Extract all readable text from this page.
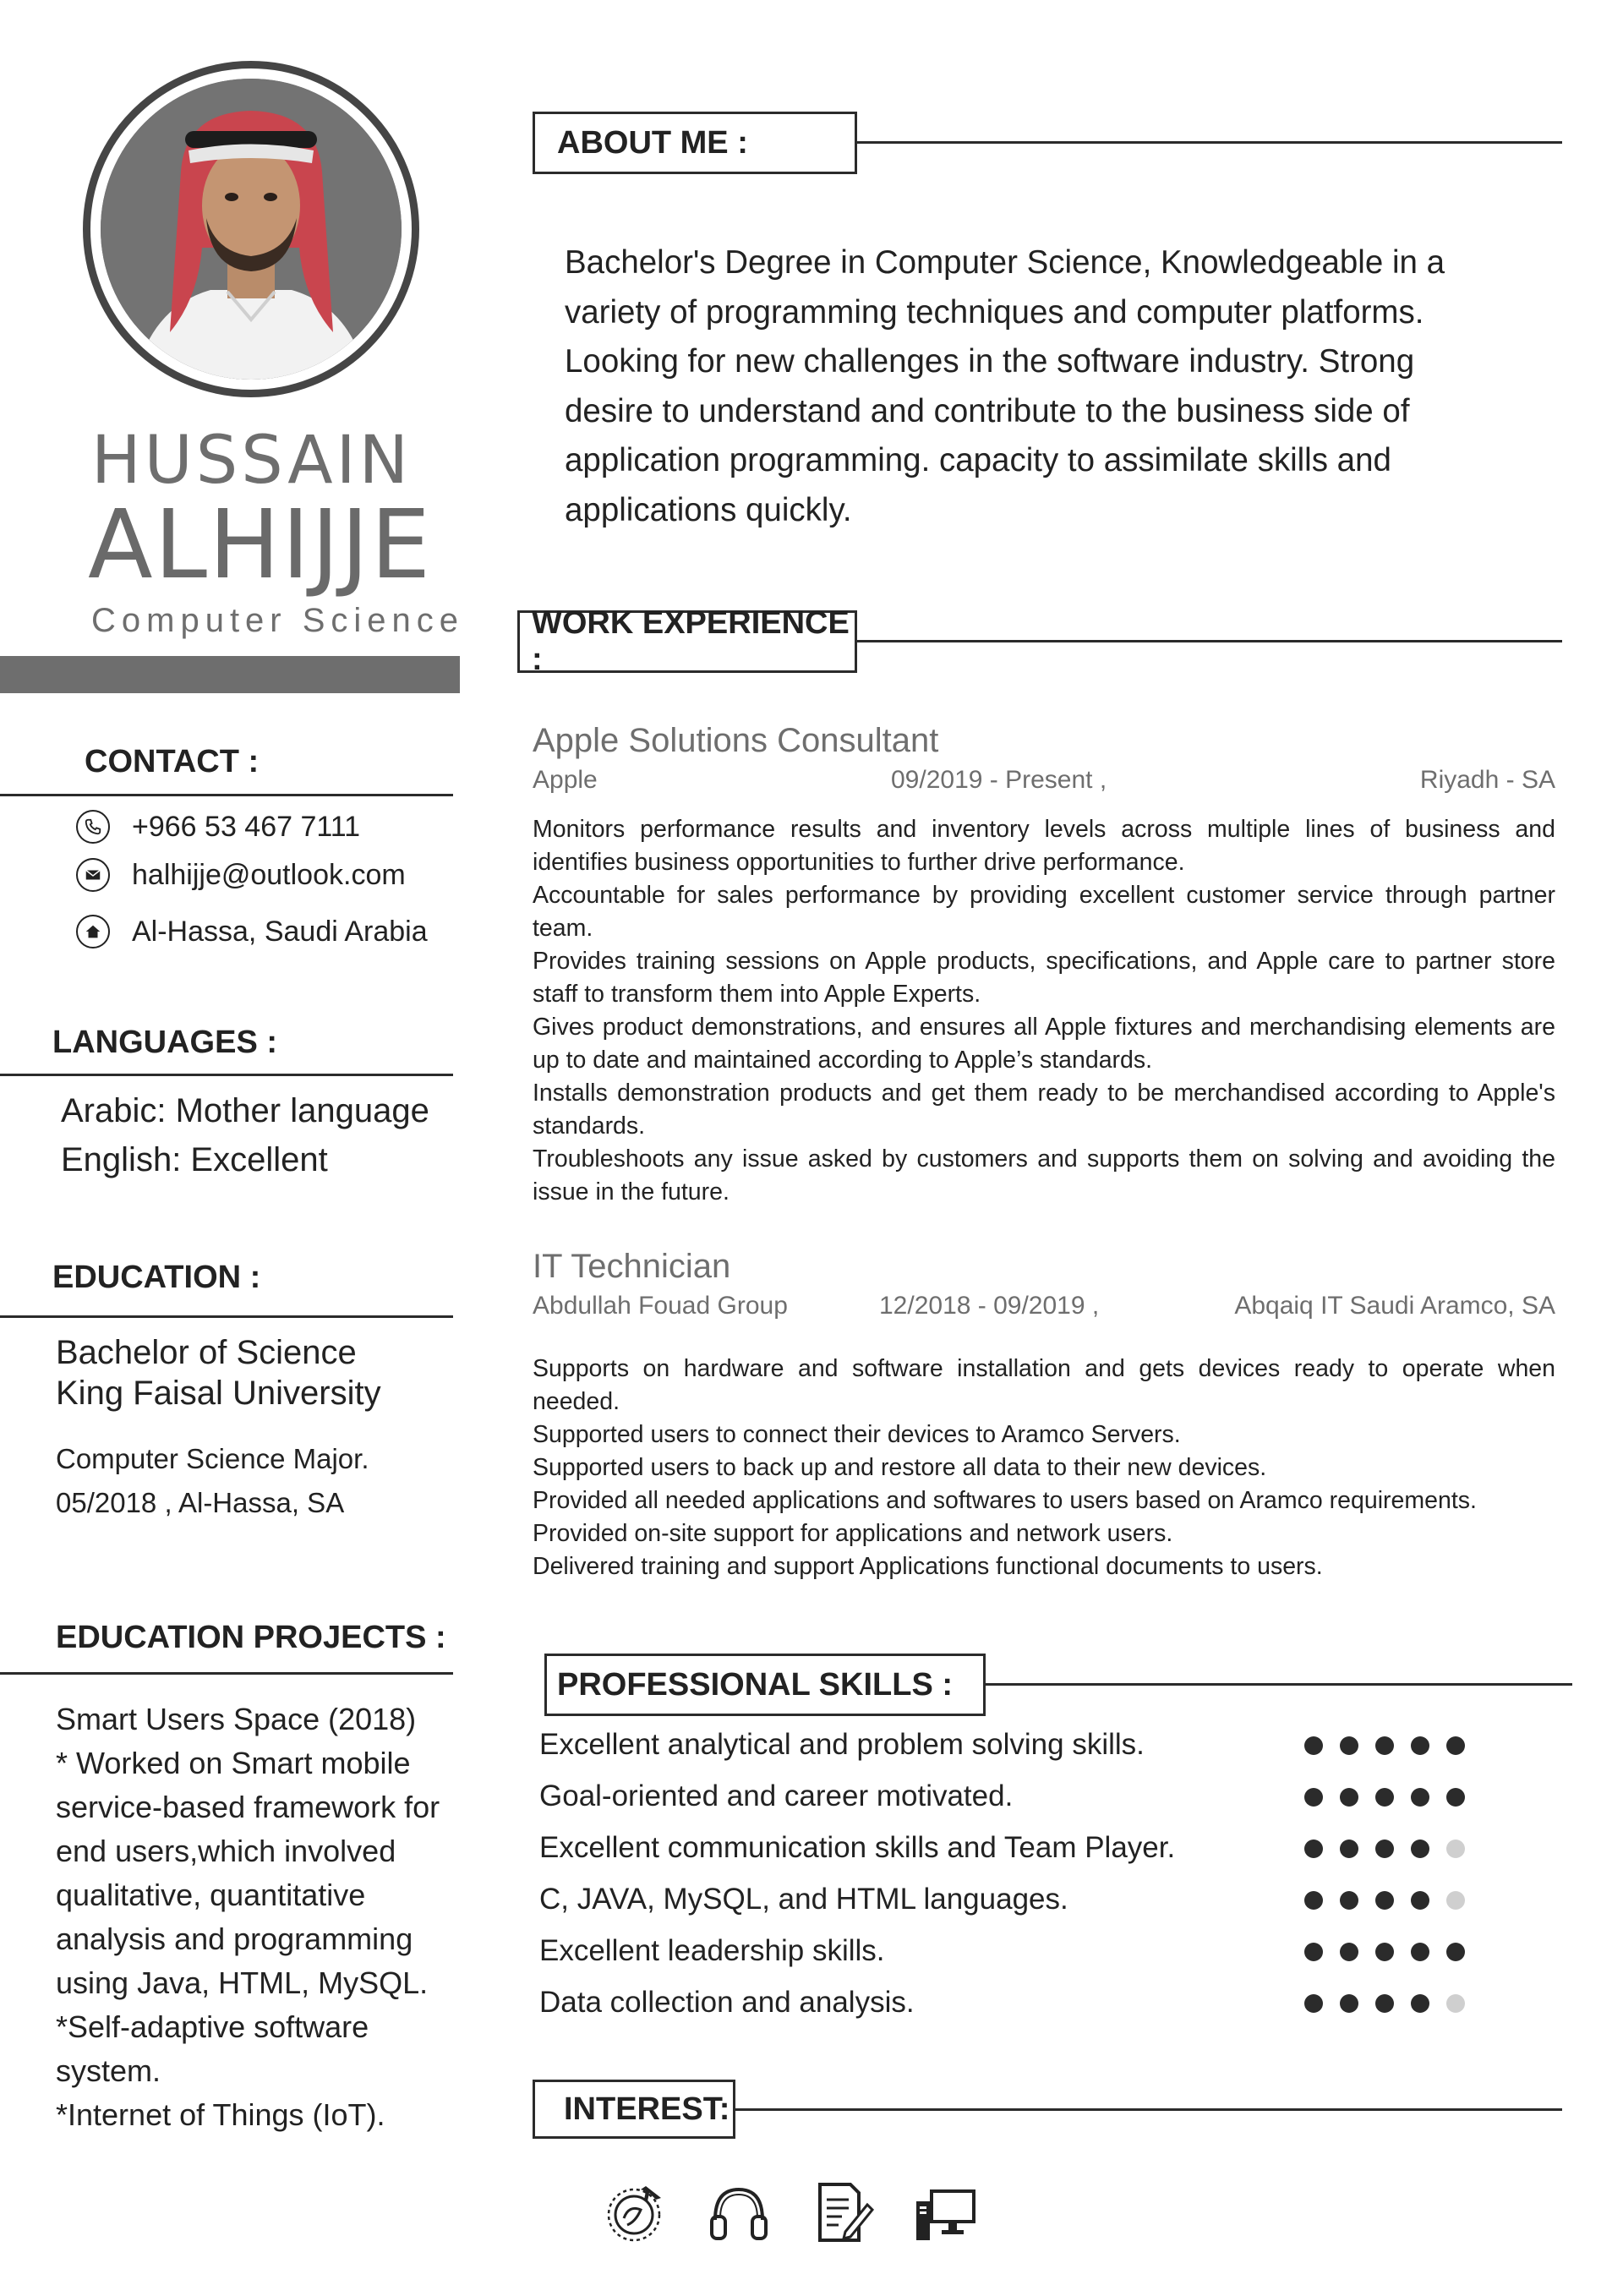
HUSSAIN
ALHIJJE
Computer Science
CONTACT :
+966 53 467 7111
halhijje@outlook.com
Al-Hassa, Saudi Arabia
LANGUAGES :
Arabic: Mother language
English: Excellent
EDUCATION :
Bachelor of Science
King Faisal University
Computer Science Major.
05/2018 , Al-Hassa, SA
EDUCATION PROJECTS :
Smart Users Space (2018)
* Worked on Smart mobile
service-based framework for
end users,which involved
qualitative, quantitative
analysis and programming
using Java, HTML, MySQL.
*Self-adaptive software
system.
*Internet of Things (IoT).
ABOUT ME :
Bachelor's Degree in Computer Science, Knowledgeable in a
variety of programming techniques and computer platforms.
Looking for new challenges in the software industry. Strong
desire to understand and contribute to the business side of
application programming. capacity to assimilate skills and
applications quickly.
WORK EXPERIENCE :
Apple Solutions Consultant
Apple	09/2019 - Present ,	Riyadh - SA

Monitors performance results and inventory levels across multiple lines of business and identifies business opportunities to further drive performance.

Accountable for sales performance by providing excellent customer service through partner team.

Provides training sessions on Apple products, specifications, and Apple care to partner store staff to transform them into Apple Experts.

Gives product demonstrations, and ensures all Apple fixtures and merchandising elements are up to date and maintained according to Apple’s standards.

Installs demonstration products and get them ready to be merchandised according to Apple's standards.

Troubleshoots any issue asked by customers and supports them on solving and avoiding the issue in the future.

IT Technician
Abdullah Fouad Group	12/2018 - 09/2019 ,	Abqaiq IT Saudi Aramco, SA

Supports on hardware and software installation and gets devices ready to operate when needed.

Supported users to connect their devices to Aramco Servers.

Supported users to back up and restore all data to their new devices.

Provided all needed applications and softwares to users based on Aramco requirements.

Provided on-site support for applications and network users.

Delivered training and support Applications functional documents to users.

PROFESSIONAL SKILLS :
Excellent analytical and problem solving skills.
Goal-oriented and career motivated.
Excellent communication skills and Team Player.
C, JAVA, MySQL, and HTML languages.
Excellent leadership skills.
Data collection and analysis.
INTEREST:
